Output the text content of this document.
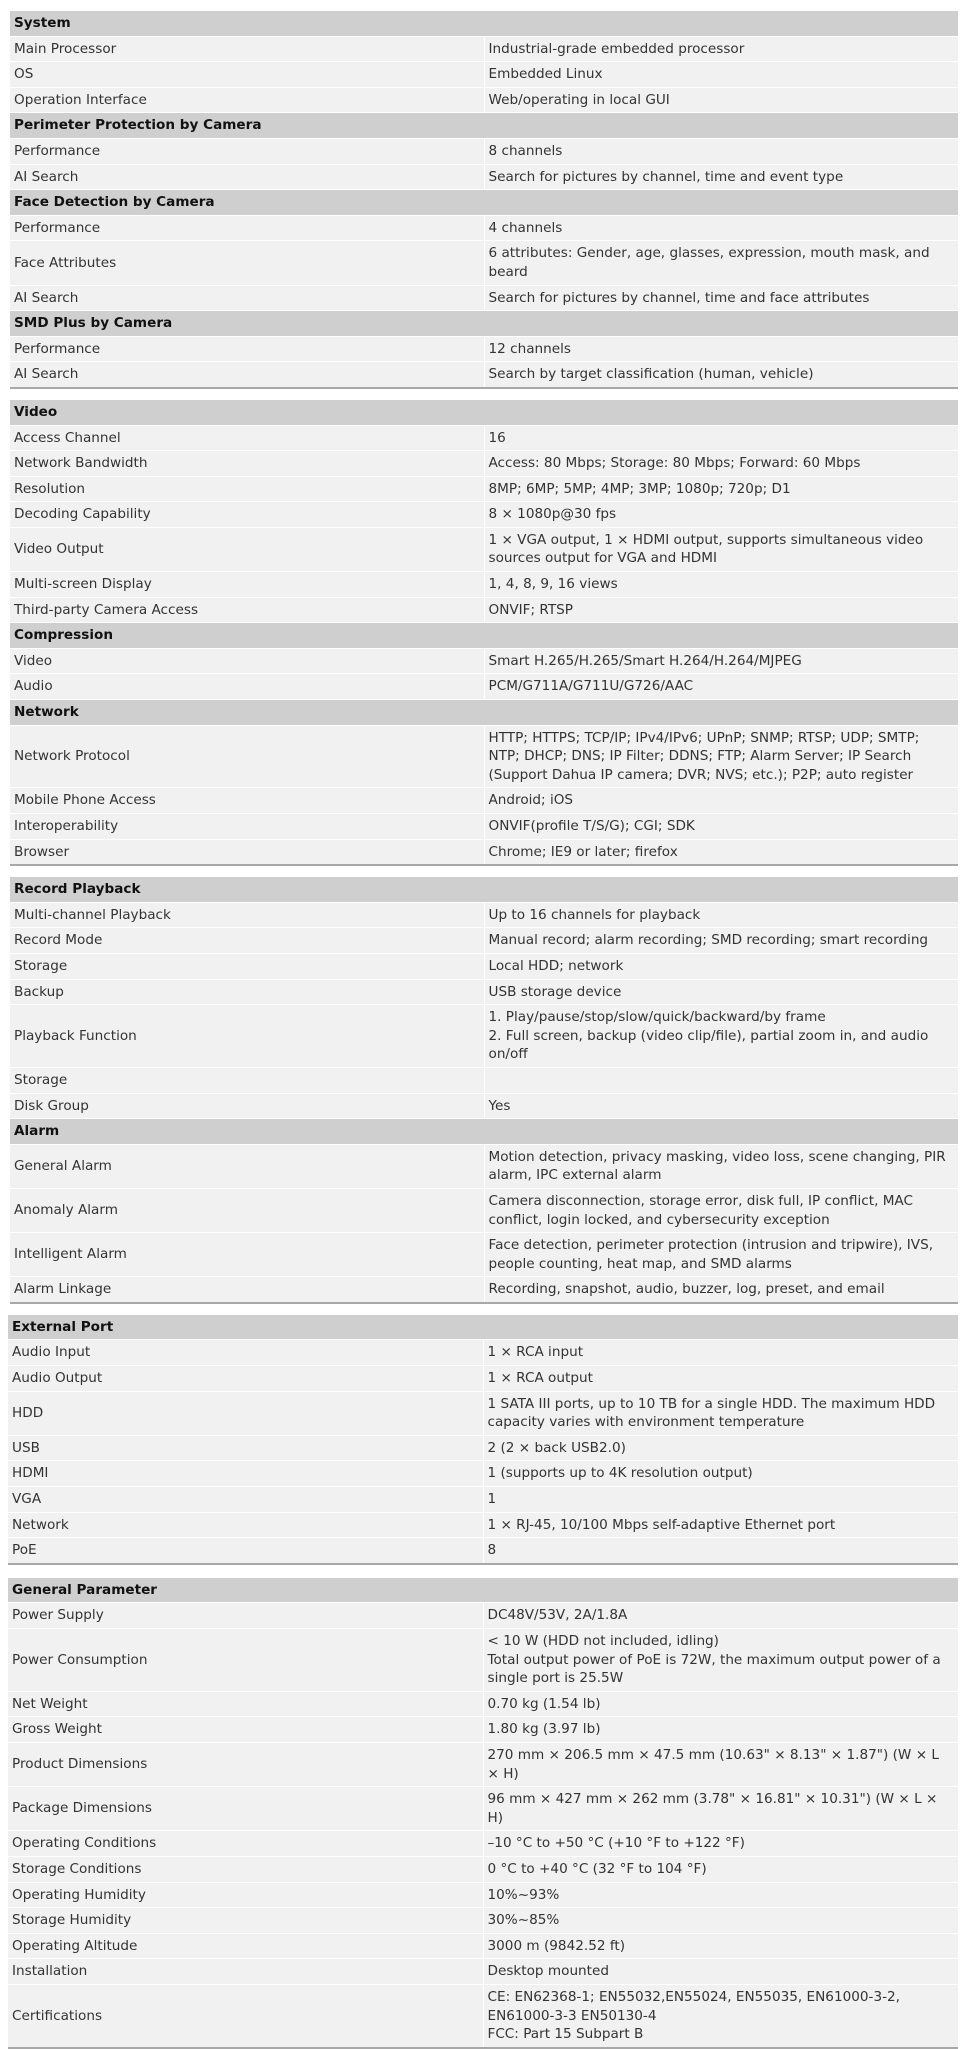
System	
Main Processor	Industrial-grade embedded processor
OS	Embedded Linux
Operation Interface	Web/operating in local GUI
Perimeter Protection by Camera	
Performance	8 channels
AI Search	Search for pictures by channel, time and event type
Face Detection by Camera	
Performance	4 channels
Face Attributes	6 attributes: Gender, age, glasses, expression, mouth mask, and beard
AI Search	Search for pictures by channel, time and face attributes
SMD Plus by Camera	
Performance	12 channels
AI Search	Search by target classification (human, vehicle)
Video	
Access Channel	16
Network Bandwidth	Access: 80 Mbps; Storage: 80 Mbps; Forward: 60 Mbps
Resolution	8MP; 6MP; 5MP; 4MP; 3MP; 1080p; 720p; D1
Decoding Capability	8 × 1080p@30 fps
Video Output	1 × VGA output, 1 × HDMI output, supports simultaneous video sources output for VGA and HDMI
Multi-screen Display	1, 4, 8, 9, 16 views
Third-party Camera Access	ONVIF; RTSP
Compression	
Video	Smart H.265/H.265/Smart H.264/H.264/MJPEG
Audio	PCM/G711A/G711U/G726/AAC
Network	
Network Protocol	HTTP; HTTPS; TCP/IP; IPv4/IPv6; UPnP; SNMP; RTSP; UDP; SMTP; NTP; DHCP; DNS; IP Filter; DDNS; FTP; Alarm Server; IP Search (Support Dahua IP camera; DVR; NVS; etc.); P2P; auto register
Mobile Phone Access	Android; iOS
Interoperability	ONVIF(profile T/S/G); CGI; SDK
Browser	Chrome; IE9 or later; firefox
Record Playback	
Multi-channel Playback	Up to 16 channels for playback
Record Mode	Manual record; alarm recording; SMD recording; smart recording
Storage	Local HDD; network
Backup	USB storage device
Playback Function	1. Play/pause/stop/slow/quick/backward/by frame
2. Full screen, backup (video clip/file), partial zoom in, and audio on/off
Storage	
Disk Group	Yes
Alarm	
General Alarm	Motion detection, privacy masking, video loss, scene changing, PIR alarm, IPC external alarm
Anomaly Alarm	Camera disconnection, storage error, disk full, IP conflict, MAC conflict, login locked, and cybersecurity exception
Intelligent Alarm	Face detection, perimeter protection (intrusion and tripwire), IVS, people counting, heat map, and SMD alarms
Alarm Linkage	Recording, snapshot, audio, buzzer, log, preset, and email
External Port	
Audio Input	1 × RCA input
Audio Output	1 × RCA output
HDD	1 SATA III ports, up to 10 TB for a single HDD. The maximum HDD capacity varies with environment temperature
USB	2 (2 × back USB2.0)
HDMI	1 (supports up to 4K resolution output)
VGA	1
Network	1 × RJ-45, 10/100 Mbps self-adaptive Ethernet port
PoE	8
General Parameter	
Power Supply	DC48V/53V, 2A/1.8A
Power Consumption	< 10 W (HDD not included, idling)
Total output power of PoE is 72W, the maximum output power of a single port is 25.5W
Net Weight	0.70 kg (1.54 lb)
Gross Weight	1.80 kg (3.97 lb)
Product Dimensions	270 mm × 206.5 mm × 47.5 mm (10.63" × 8.13" × 1.87") (W × L × H)
Package Dimensions	96 mm × 427 mm × 262 mm (3.78" × 16.81" × 10.31") (W × L × H)
Operating Conditions	–10 °C to +50 °C (+10 °F to +122 °F)
Storage Conditions	0 °C to +40 °C (32 °F to 104 °F)
Operating Humidity	10%~93%
Storage Humidity	30%~85%
Operating Altitude	3000 m (9842.52 ft)
Installation	Desktop mounted
Certifications	CE: EN62368-1; EN55032,EN55024, EN55035, EN61000-3-2, EN61000-3-3 EN50130-4
FCC: Part 15 Subpart B
